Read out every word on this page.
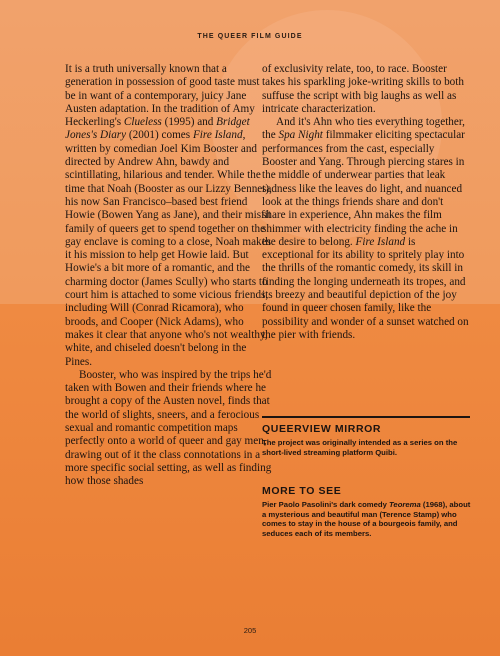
THE QUEER FILM GUIDE

It is a truth universally known that a generation in possession of good taste must be in want of a contemporary, juicy Jane Austen adaptation. In the tradition of Amy Heckerling's Clueless (1995) and Bridget Jones's Diary (2001) comes Fire Island, written by comedian Joel Kim Booster and directed by Andrew Ahn, bawdy and scintillating, hilarious and tender. While the time that Noah (Booster as our Lizzy Bennet), his now San Francisco–based best friend Howie (Bowen Yang as Jane), and their misfit family of queers get to spend together on the gay enclave is coming to a close, Noah makes it his mission to help get Howie laid. But Howie's a bit more of a romantic, and the charming doctor (James Scully) who starts to court him is attached to some vicious friends, including Will (Conrad Ricamora), who broods, and Cooper (Nick Adams), who makes it clear that anyone who's not wealthy, white, and chiseled doesn't belong in the Pines.

Booster, who was inspired by the trips he'd taken with Bowen and their friends where he brought a copy of the Austen novel, finds that the world of slights, sneers, and a ferocious sexual and romantic competition maps perfectly onto a world of queer and gay men, drawing out of it the class connotations in a more specific social setting, as well as finding how those shades

of exclusivity relate, too, to race. Booster takes his sparkling joke-writing skills to both suffuse the script with big laughs as well as intricate characterization.

And it's Ahn who ties everything together, the Spa Night filmmaker eliciting spectacular performances from the cast, especially Booster and Yang. Through piercing stares in the middle of underwear parties that leak sadness like the leaves do light, and nuanced look at the things friends share and don't share in experience, Ahn makes the film shimmer with electricity finding the ache in the desire to belong. Fire Island is exceptional for its ability to spritely play into the thrills of the romantic comedy, its skill in finding the longing underneath its tropes, and its breezy and beautiful depiction of the joy found in queer chosen family, like the possibility and wonder of a sunset watched on the pier with friends.

QUEERVIEW MIRROR

The project was originally intended as a series on the short-lived streaming platform Quibi.

MORE TO SEE

Pier Paolo Pasolini's dark comedy Teorema (1968), about a mysterious and beautiful man (Terence Stamp) who comes to stay in the house of a bourgeois family, and seduces each of its members.

205
